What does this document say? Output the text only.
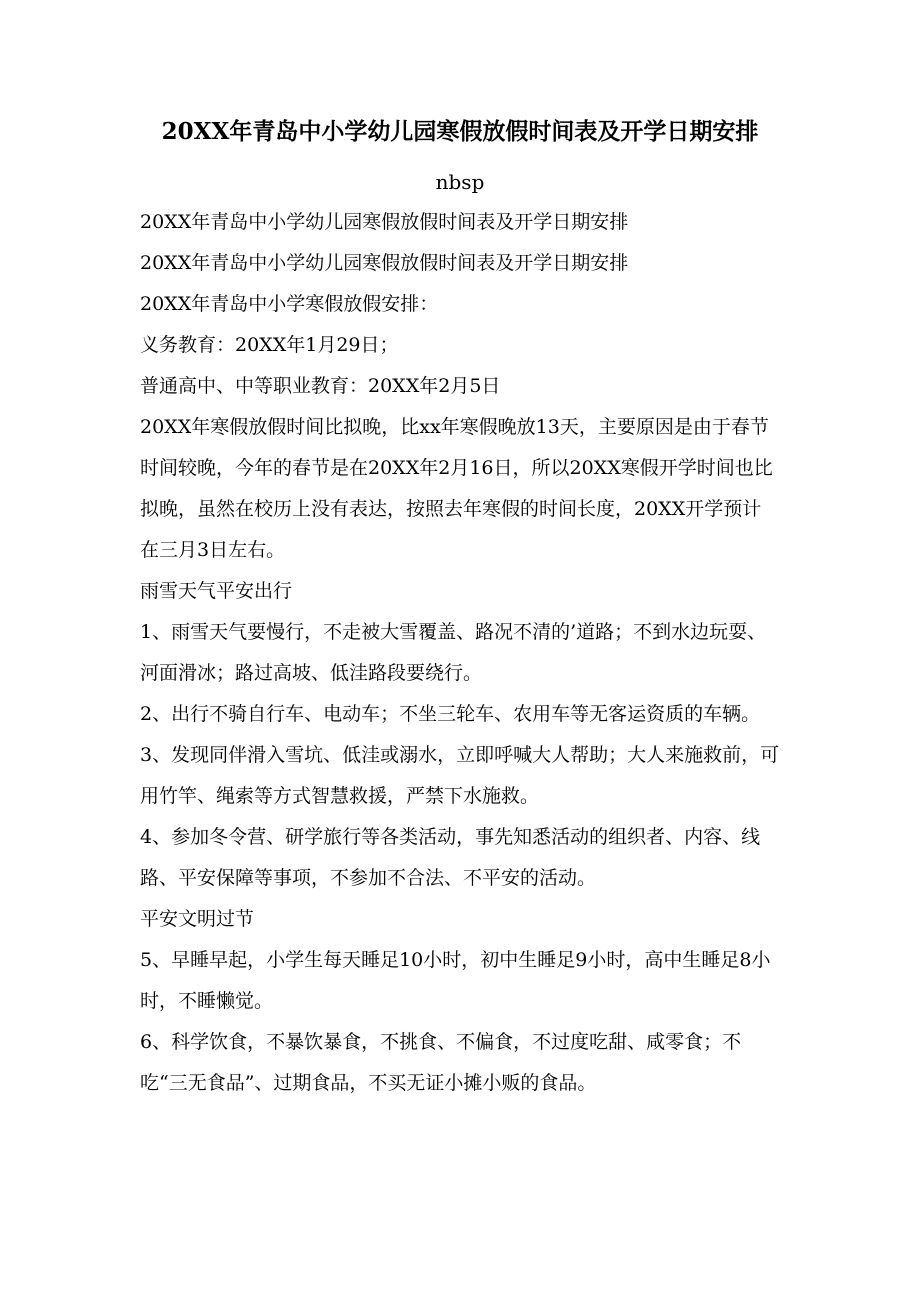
20XX年青岛中小学幼儿园寒假放假时间表及开学日期安排
nbsp

20XX年青岛中小学幼儿园寒假放假时间表及开学日期安排

20XX年青岛中小学幼儿园寒假放假时间表及开学日期安排

20XX年青岛中小学寒假放假安排：

义务教育：20XX年1月29日；

普通高中、中等职业教育：20XX年2月5日

20XX年寒假放假时间比拟晚，比xx年寒假晚放13天，主要原因是由于春节时间较晚，今年的春节是在20XX年2月16日，所以20XX寒假开学时间也比拟晚，虽然在校历上没有表达，按照去年寒假的时间长度，20XX开学预计在三月3日左右。

雨雪天气平安出行

1、雨雪天气要慢行，不走被大雪覆盖、路况不清的’道路；不到水边玩耍、河面滑冰；路过高坡、低洼路段要绕行。

2、出行不骑自行车、电动车；不坐三轮车、农用车等无客运资质的车辆。

3、发现同伴滑入雪坑、低洼或溺水，立即呼喊大人帮助；大人来施救前，可用竹竿、绳索等方式智慧救援，严禁下水施救。

4、参加冬令营、研学旅行等各类活动，事先知悉活动的组织者、内容、线路、平安保障等事项，不参加不合法、不平安的活动。

平安文明过节

5、早睡早起，小学生每天睡足10小时，初中生睡足9小时，高中生睡足8小时，不睡懒觉。

6、科学饮食，不暴饮暴食，不挑食、不偏食，不过度吃甜、咸零食；不吃“三无食品”、过期食品，不买无证小摊小贩的食品。
